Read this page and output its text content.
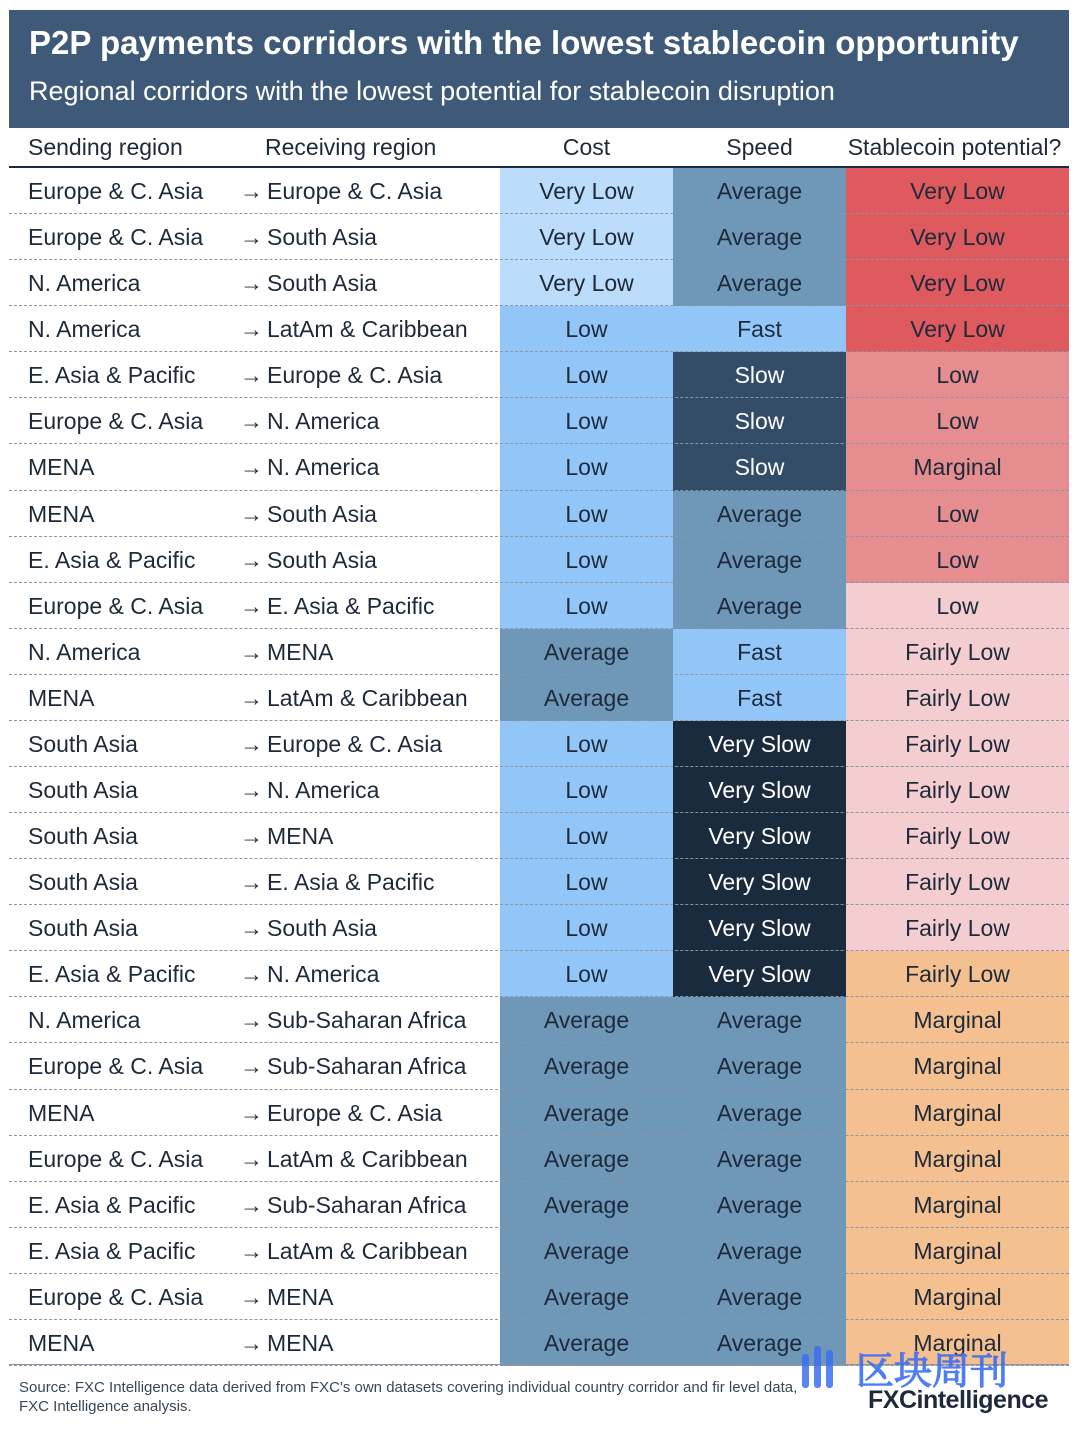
P2P payments corridors with the lowest stablecoin opportunity
Regional corridors with the lowest potential for stablecoin disruption
Sending region	Receiving region	Cost	Speed	Stablecoin potential?
Europe & C. Asia → Europe & C. Asia	Very Low	Average	Very Low
Europe & C. Asia → South Asia	Very Low	Average	Very Low
N. America	→ South Asia	Very Low	Average	Very Low
N. America	→ LatAm & Caribbean	Low	Fast	Very Low
E. Asia & Pacific → Europe & C. Asia	Low	Slow	Low
Europe & C. Asia → N. America	Low	Slow	Low
MENA	→ N. America	Low	Slow	Marginal
MENA	→ South Asia	Low	Average	Low
E. Asia & Pacific → South Asia	Low	Average	Low
Europe & C. Asia → E. Asia & Pacific	Low	Average	Low
N. America	→ MENA	Average	Fast	Fairly Low
MENA	→ LatAm & Caribbean	Average	Fast	Fairly Low
South Asia	→ Europe & C. Asia	Low	Very Slow	Fairly Low
South Asia	→ N. America	Low	Very Slow	Fairly Low
South Asia	→ MENA	Low	Very Slow	Fairly Low
South Asia	→ E. Asia & Pacific	Low	Very Slow	Fairly Low
South Asia	→ South Asia	Low	Very Slow	Fairly Low
E. Asia & Pacific → N. America	Low	Very Slow	Fairly Low
N. America	→ Sub-Saharan Africa	Average	Average	Marginal
Europe & C. Asia → Sub-Saharan Africa	Average	Average	Marginal
MENA	→ Europe & C. Asia	Average	Average	Marginal
Europe & C. Asia → LatAm & Caribbean	Average	Average	Marginal
E. Asia & Pacific → Sub-Saharan Africa	Average	Average	Marginal
E. Asia & Pacific → LatAm & Caribbean	Average	Average	Marginal
Europe & C. Asia → MENA	Average	Average	Marginal
MENA	→ MENA	Average	Average	Marginal
Source: FXC Intelligence data derived from FXC's own datasets covering individual country corridor and fir level data, FXC Intelligence analysis.	FXCintelligence
区块周刊
